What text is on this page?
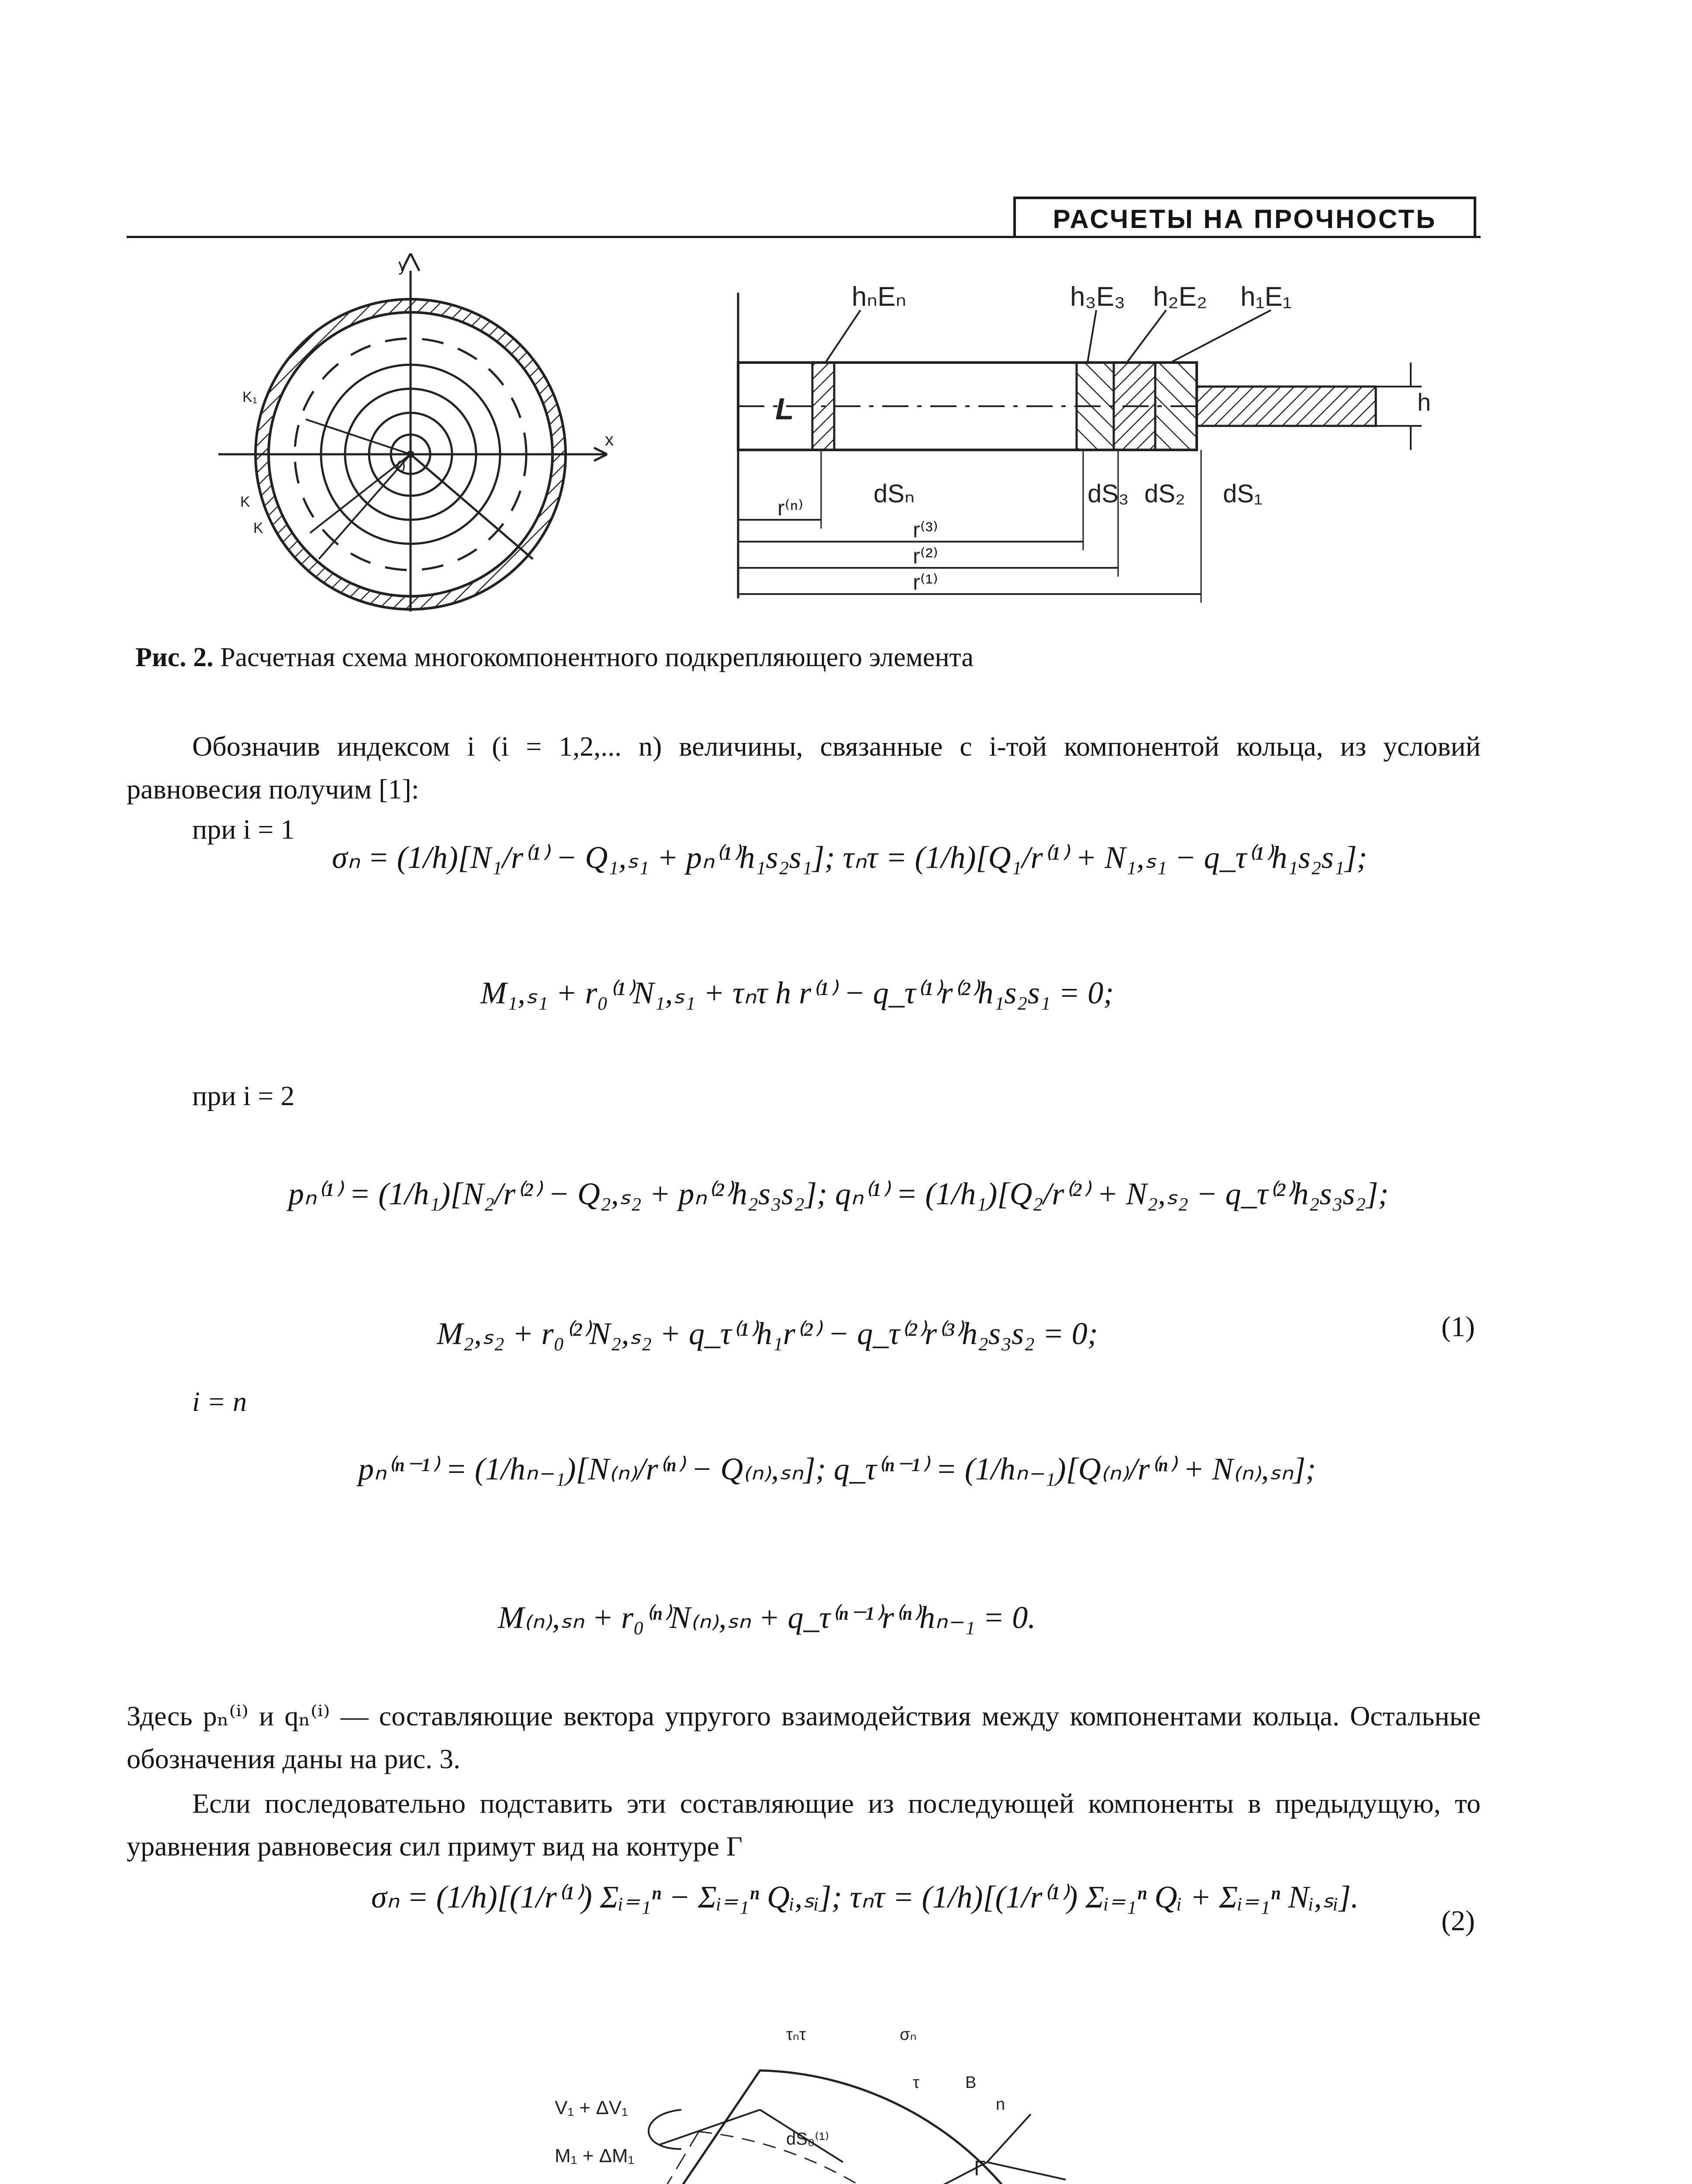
РАСЧЕТЫ НА ПРОЧНОСТЬ
y
x
0
K₁
K
K
hₙEₙ	h₃E₃ h₂E₂ h₁E₁
L	h
dSₙ	dS₃ dS₂ dS₁
r⁽ⁿ⁾
r⁽³⁾
r⁽²⁾
r⁽¹⁾
Рис. 2. Расчетная схема многокомпонентного подкрепляющего элемента
Обозначив индексом i (i = 1,2,... n) величины, связанные с i-той компонентой кольца, из условий равновесия получим [1]:
при i = 1
σₙ = (1/h)[N₁/r⁽¹⁾ − Q₁,ₛ₁ + pₙ⁽¹⁾h₁s₂s₁]; τₙτ = (1/h)[Q₁/r⁽¹⁾ + N₁,ₛ₁ − q_τ⁽¹⁾h₁s₂s₁];
M₁,ₛ₁ + r₀⁽¹⁾N₁,ₛ₁ + τₙτ h r⁽¹⁾ − q_τ⁽¹⁾r⁽²⁾h₁s₂s₁ = 0;
при i = 2
pₙ⁽¹⁾ = (1/h₁)[N₂/r⁽²⁾ − Q₂,ₛ₂ + pₙ⁽²⁾h₂s₃s₂]; qₙ⁽¹⁾ = (1/h₁)[Q₂/r⁽²⁾ + N₂,ₛ₂ − q_τ⁽²⁾h₂s₃s₂];
M₂,ₛ₂ + r₀⁽²⁾N₂,ₛ₂ + q_τ⁽¹⁾h₁r⁽²⁾ − q_τ⁽²⁾r⁽³⁾h₂s₃s₂ = 0;	(1)
i = n
pₙ⁽ⁿ⁻¹⁾ = (1/hₙ₋₁)[N₍ₙ₎/r⁽ⁿ⁾ − Q₍ₙ₎,ₛₙ]; q_τ⁽ⁿ⁻¹⁾ = (1/hₙ₋₁)[Q₍ₙ₎/r⁽ⁿ⁾ + N₍ₙ₎,ₛₙ];
M₍ₙ₎,ₛₙ + r₀⁽ⁿ⁾N₍ₙ₎,ₛₙ + q_τ⁽ⁿ⁻¹⁾r⁽ⁿ⁾hₙ₋₁ = 0.
Здесь pₙ⁽ⁱ⁾ и qₙ⁽ⁱ⁾ — составляющие вектора упругого взаимодействия между компонентами кольца. Остальные обозначения даны на рис. 3.
Если последовательно подставить эти составляющие из последующей компоненты в предыдущую, то уравнения равновесия сил примут вид на контуре Г
σₙ = (1/h)[(1/r⁽¹⁾) Σᵢ₌₁ⁿ − Σᵢ₌₁ⁿ Qᵢ,ₛᵢ]; τₙτ = (1/h)[(1/r⁽¹⁾) Σᵢ₌₁ⁿ Qᵢ + Σᵢ₌₁ⁿ Nᵢ,ₛᵢ].
(2)
τₙτ	σₙ
τ	B
n
V₁ + ΔV₁
M₁ + ΔM₁
dS₀⁽¹⁾
Г
